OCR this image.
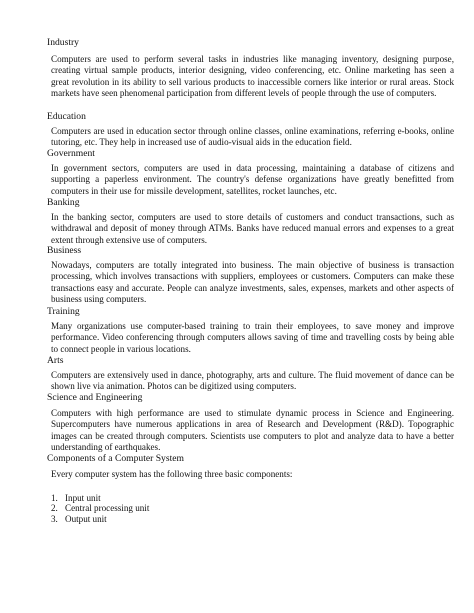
Industry
Computers are used to perform several tasks in industries like managing inventory, designing purpose, creating virtual sample products, interior designing, video conferencing, etc. Online marketing has seen a great revolution in its ability to sell various products to inaccessible corners like interior or rural areas. Stock markets have seen phenomenal participation from different levels of people through the use of computers.
Education
Computers are used in education sector through online classes, online examinations, referring e-books, online tutoring, etc. They help in increased use of audio-visual aids in the education field.
Government
In government sectors, computers are used in data processing, maintaining a database of citizens and supporting a paperless environment. The country's defense organizations have greatly benefitted from computers in their use for missile development, satellites, rocket launches, etc.
Banking
In the banking sector, computers are used to store details of customers and conduct transactions, such as withdrawal and deposit of money through ATMs. Banks have reduced manual errors and expenses to a great extent through extensive use of computers.
Business
Nowadays, computers are totally integrated into business. The main objective of business is transaction processing, which involves transactions with suppliers, employees or customers. Computers can make these transactions easy and accurate. People can analyze investments, sales, expenses, markets and other aspects of business using computers.
Training
Many organizations use computer-based training to train their employees, to save money and improve performance. Video conferencing through computers allows saving of time and travelling costs by being able to connect people in various locations.
Arts
Computers are extensively used in dance, photography, arts and culture. The fluid movement of dance can be shown live via animation. Photos can be digitized using computers.
Science and Engineering
Computers with high performance are used to stimulate dynamic process in Science and Engineering. Supercomputers have numerous applications in area of Research and Development (R&D). Topographic images can be created through computers. Scientists use computers to plot and analyze data to have a better understanding of earthquakes.
Components of a Computer System
Every computer system has the following three basic components:
1. Input unit
2. Central processing unit
3. Output unit
